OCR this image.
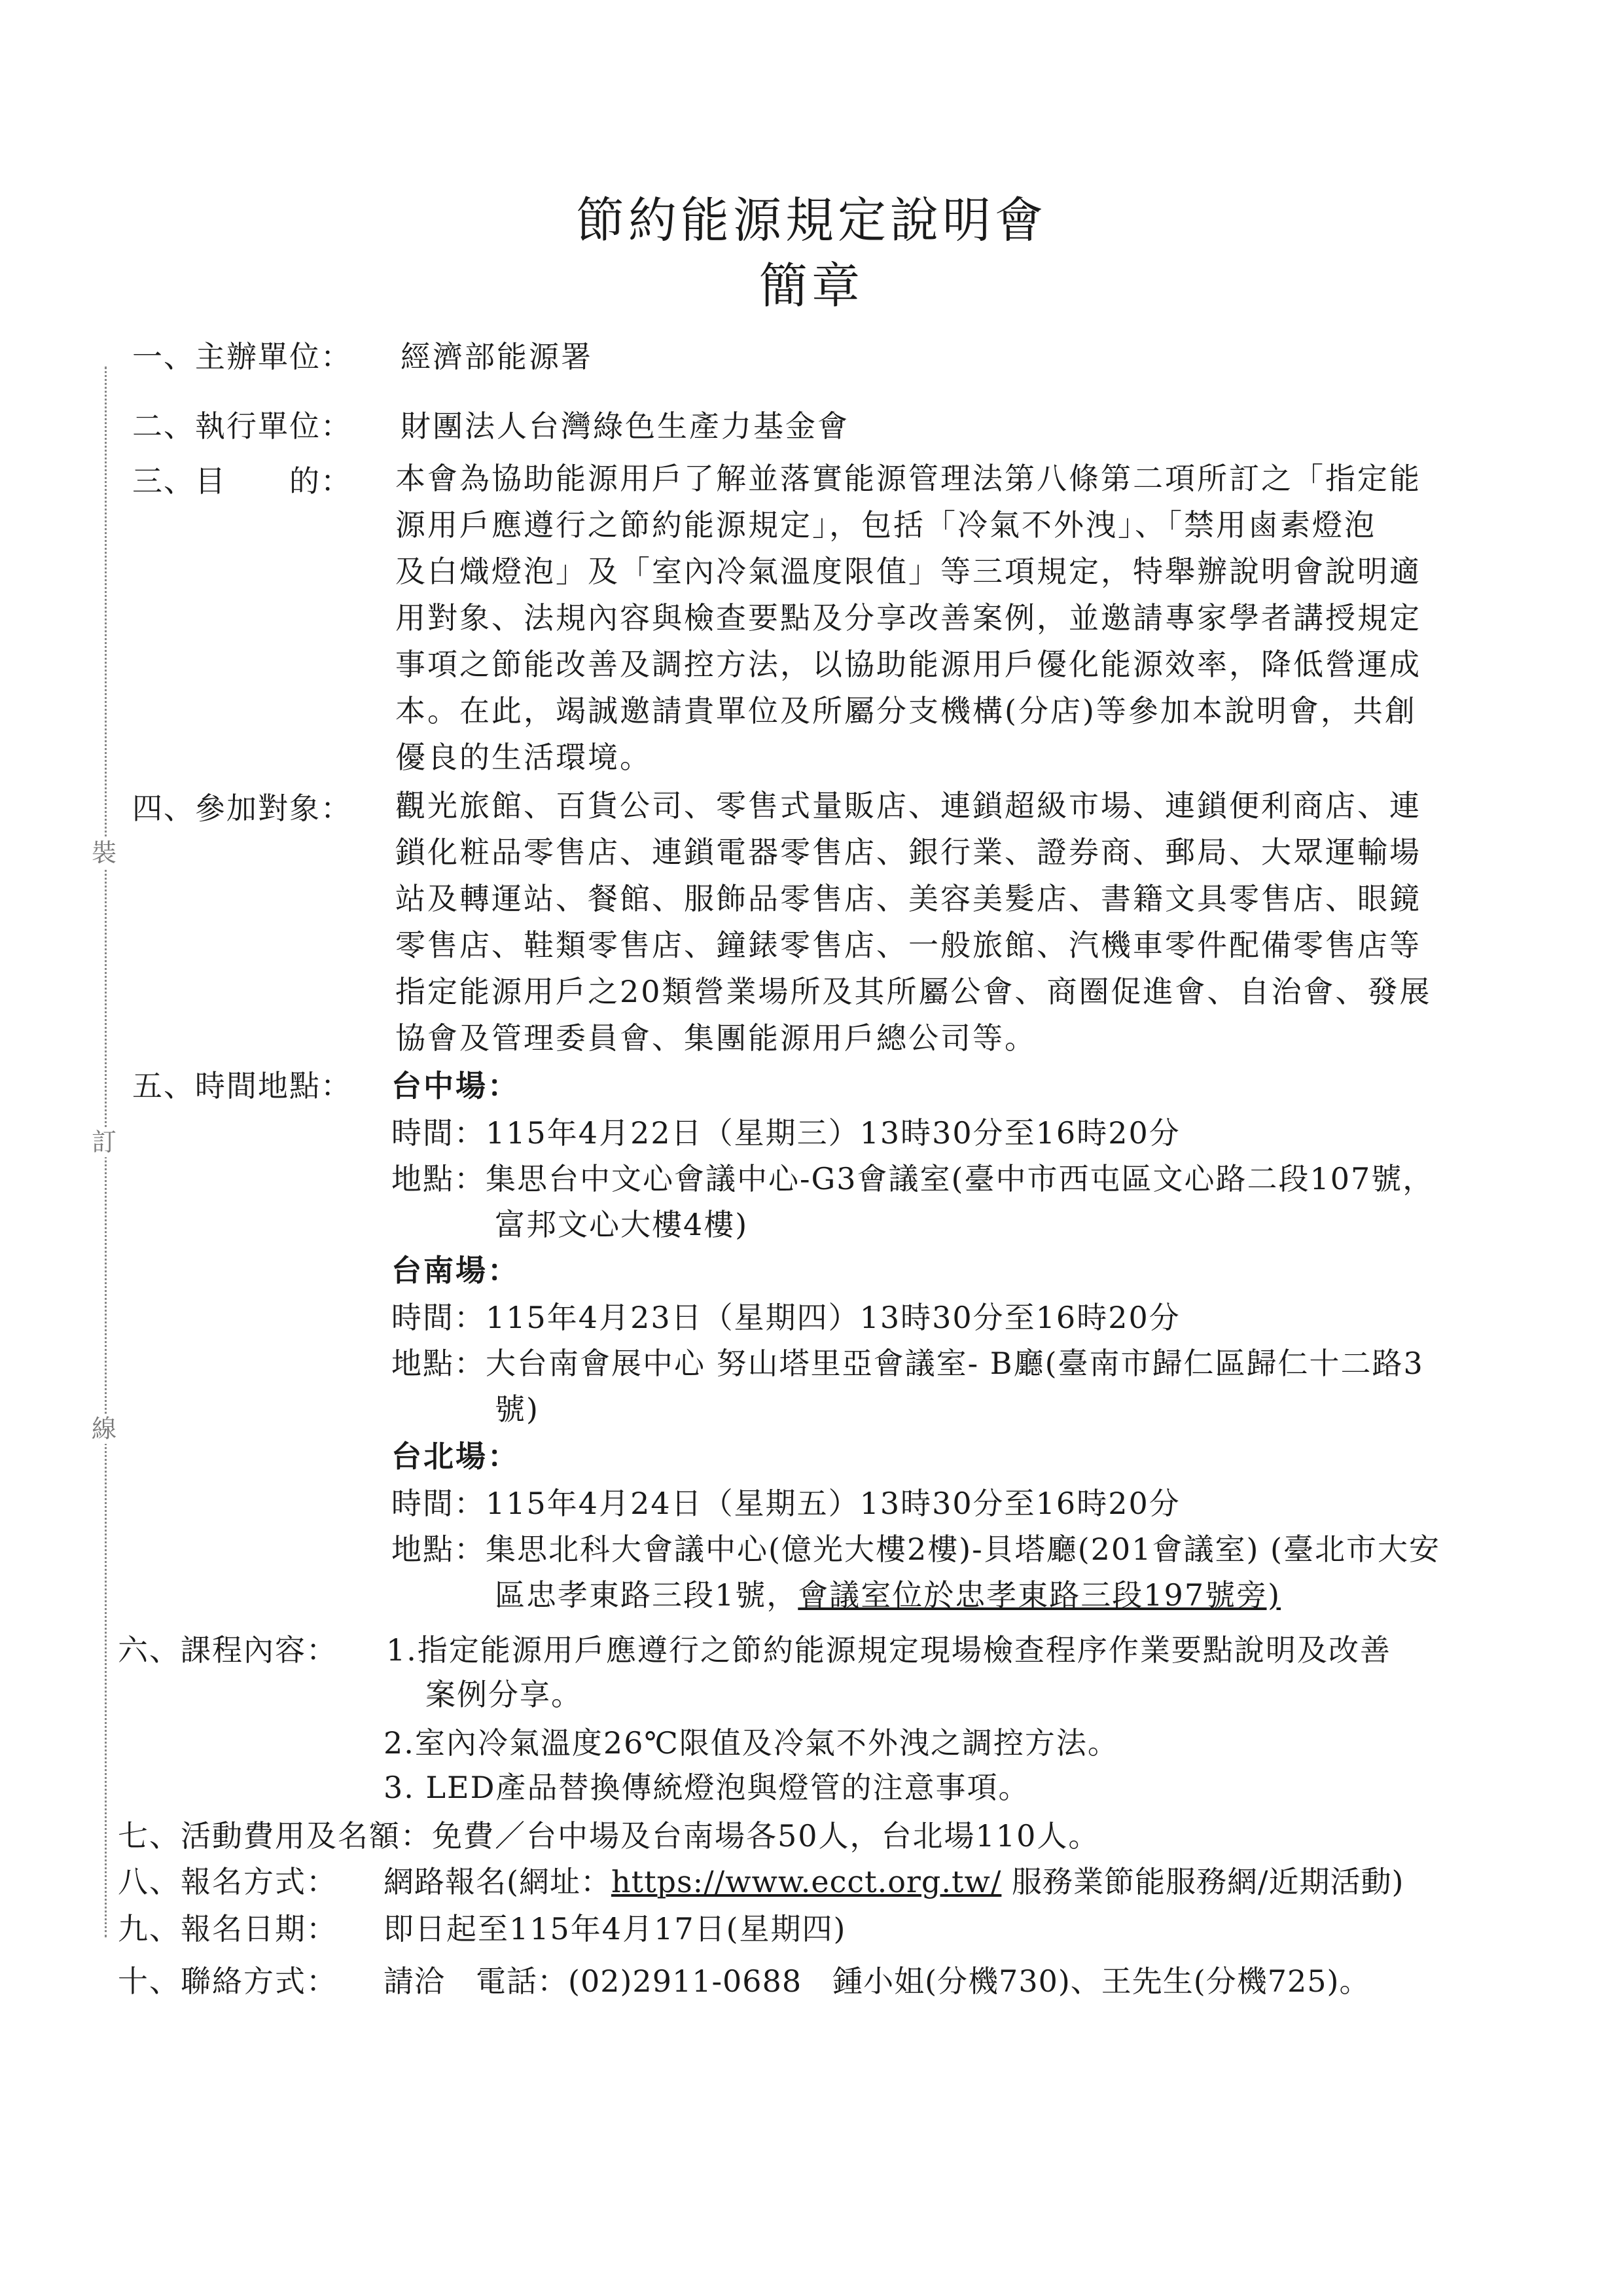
裝
訂
線
節約能源規定說明會
簡章
一、主辦單位： 經濟部能源署
二、執行單位： 財團法人台灣綠色生產力基金會
三、目　　的： 本會為協助能源用戶了解並落實能源管理法第八條第二項所訂之「指定能
源用戶應遵行之節約能源規定」，包括「冷氣不外洩」、「禁用鹵素燈泡
及白熾燈泡」及「室內冷氣溫度限值」等三項規定，特舉辦說明會說明適
用對象、法規內容與檢查要點及分享改善案例，並邀請專家學者講授規定
事項之節能改善及調控方法，以協助能源用戶優化能源效率，降低營運成
本。在此，竭誠邀請貴單位及所屬分支機構(分店)等參加本說明會，共創
優良的生活環境。
四、參加對象： 觀光旅館、百貨公司、零售式量販店、連鎖超級市場、連鎖便利商店、連
鎖化粧品零售店、連鎖電器零售店、銀行業、證券商、郵局、大眾運輸場
站及轉運站、餐館、服飾品零售店、美容美髮店、書籍文具零售店、眼鏡
零售店、鞋類零售店、鐘錶零售店、一般旅館、汽機車零件配備零售店等
指定能源用戶之20類營業場所及其所屬公會、商圈促進會、自治會、發展
協會及管理委員會、集團能源用戶總公司等。
五、時間地點： 台中場：
時間：115年4月22日（星期三）13時30分至16時20分
地點：集思台中文心會議中心-G3會議室(臺中市西屯區文心路二段107號，
富邦文心大樓4樓)
台南場：
時間：115年4月23日（星期四）13時30分至16時20分
地點：大台南會展中心 努山塔里亞會議室- B廳(臺南市歸仁區歸仁十二路3
號)
台北場：
時間：115年4月24日（星期五）13時30分至16時20分
地點：集思北科大會議中心(億光大樓2樓)-貝塔廳(201會議室) (臺北市大安
區忠孝東路三段1號，會議室位於忠孝東路三段197號旁)
六、課程內容： 1.指定能源用戶應遵行之節約能源規定現場檢查程序作業要點說明及改善
案例分享。
2.室內冷氣溫度26℃限值及冷氣不外洩之調控方法。
3. LED產品替換傳統燈泡與燈管的注意事項。
七、活動費用及名額：免費／台中場及台南場各50人，台北場110人。
八、報名方式： 網路報名(網址：https://www.ecct.org.tw/ 服務業節能服務網/近期活動)
九、報名日期： 即日起至115年4月17日(星期四)
十、聯絡方式： 請洽　電話：(02)2911-0688　鍾小姐(分機730)、王先生(分機725)。
